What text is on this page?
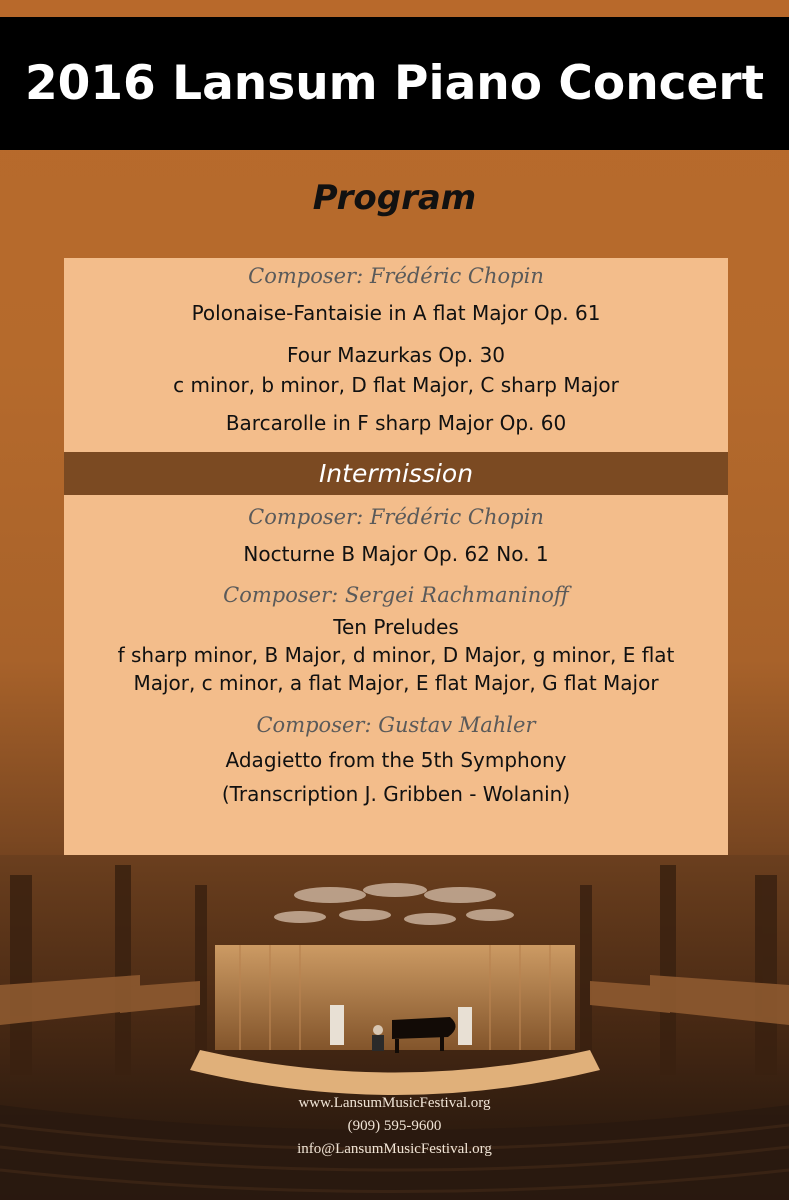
2016 Lansum Piano Concert
Program
Composer: Frédéric Chopin
Polonaise-Fantaisie in A flat Major Op. 61
Four Mazurkas Op. 30
c minor, b minor, D flat Major, C sharp Major
Barcarolle in F sharp Major Op. 60
Intermission
Composer: Frédéric Chopin
Nocturne B Major Op. 62 No. 1
Composer: Sergei Rachmaninoff
Ten Preludes
f sharp minor, B Major, d minor, D Major, g minor, E flat
Major, c minor, a flat Major, E flat Major, G flat Major
Composer: Gustav Mahler
Adagietto from the 5th Symphony
(Transcription J. Gribben - Wolanin)
www.LansumMusicFestival.org
(909) 595-9600
info@LansumMusicFestival.org
